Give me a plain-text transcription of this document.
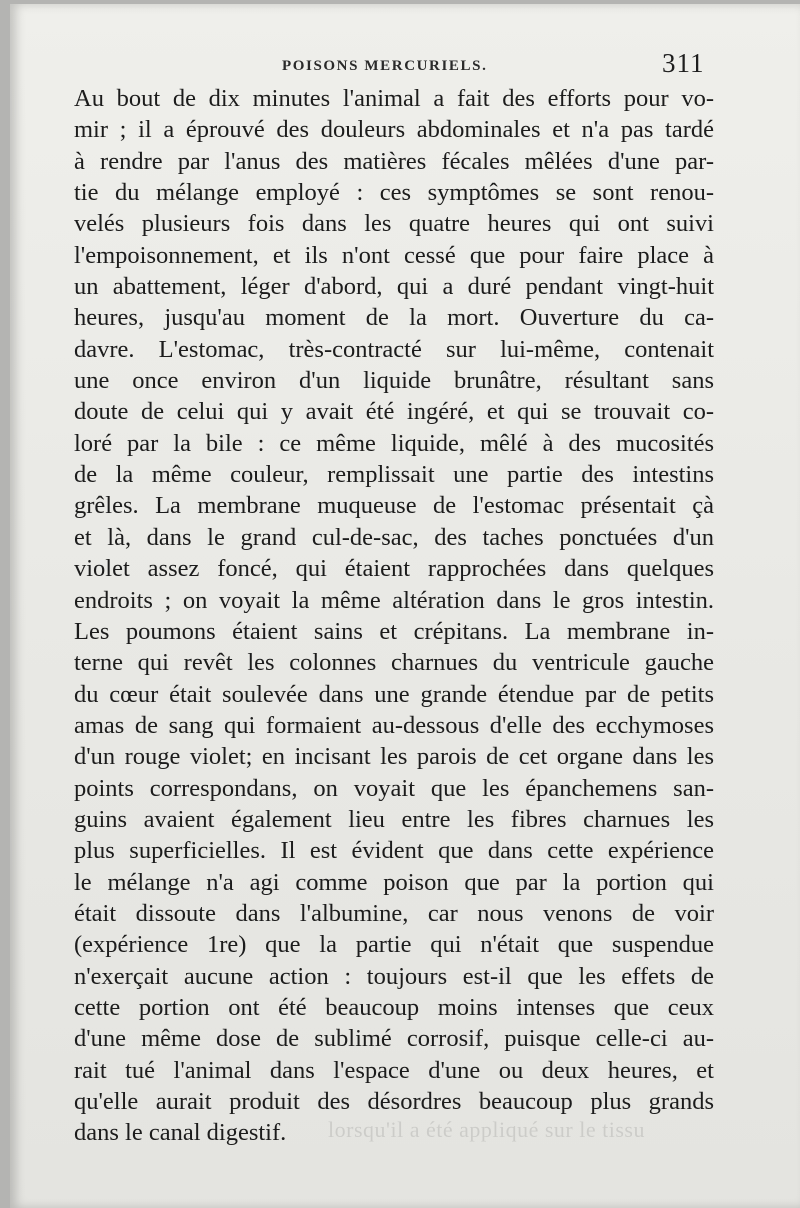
POISONS MERCURIELS.	311
Au bout de dix minutes l'animal a fait des efforts pour vo-
mir ; il a éprouvé des douleurs abdominales et n'a pas tardé
à rendre par l'anus des matières fécales mêlées d'une par-
tie du mélange employé : ces symptômes se sont renou-
velés plusieurs fois dans les quatre heures qui ont suivi
l'empoisonnement, et ils n'ont cessé que pour faire place à
un abattement, léger d'abord, qui a duré pendant vingt-huit
heures, jusqu'au moment de la mort. Ouverture du ca-
davre. L'estomac, très-contracté sur lui-même, contenait
une once environ d'un liquide brunâtre, résultant sans
doute de celui qui y avait été ingéré, et qui se trouvait co-
loré par la bile : ce même liquide, mêlé à des mucosités
de la même couleur, remplissait une partie des intestins
grêles. La membrane muqueuse de l'estomac présentait çà
et là, dans le grand cul-de-sac, des taches ponctuées d'un
violet assez foncé, qui étaient rapprochées dans quelques
endroits ; on voyait la même altération dans le gros intestin.
Les poumons étaient sains et crépitans. La membrane in-
terne qui revêt les colonnes charnues du ventricule gauche
du cœur était soulevée dans une grande étendue par de petits
amas de sang qui formaient au-dessous d'elle des ecchymoses
d'un rouge violet; en incisant les parois de cet organe dans les
points correspondans, on voyait que les épanchemens san-
guins avaient également lieu entre les fibres charnues les
plus superficielles. Il est évident que dans cette expérience
le mélange n'a agi comme poison que par la portion qui
était dissoute dans l'albumine, car nous venons de voir
(expérience 1re) que la partie qui n'était que suspendue
n'exerçait aucune action : toujours est-il que les effets de
cette portion ont été beaucoup moins intenses que ceux
d'une même dose de sublimé corrosif, puisque celle-ci au-
rait tué l'animal dans l'espace d'une ou deux heures, et
qu'elle aurait produit des désordres beaucoup plus grands
dans le canal digestif.	lorsqu'il a été appliqué sur le tissu
